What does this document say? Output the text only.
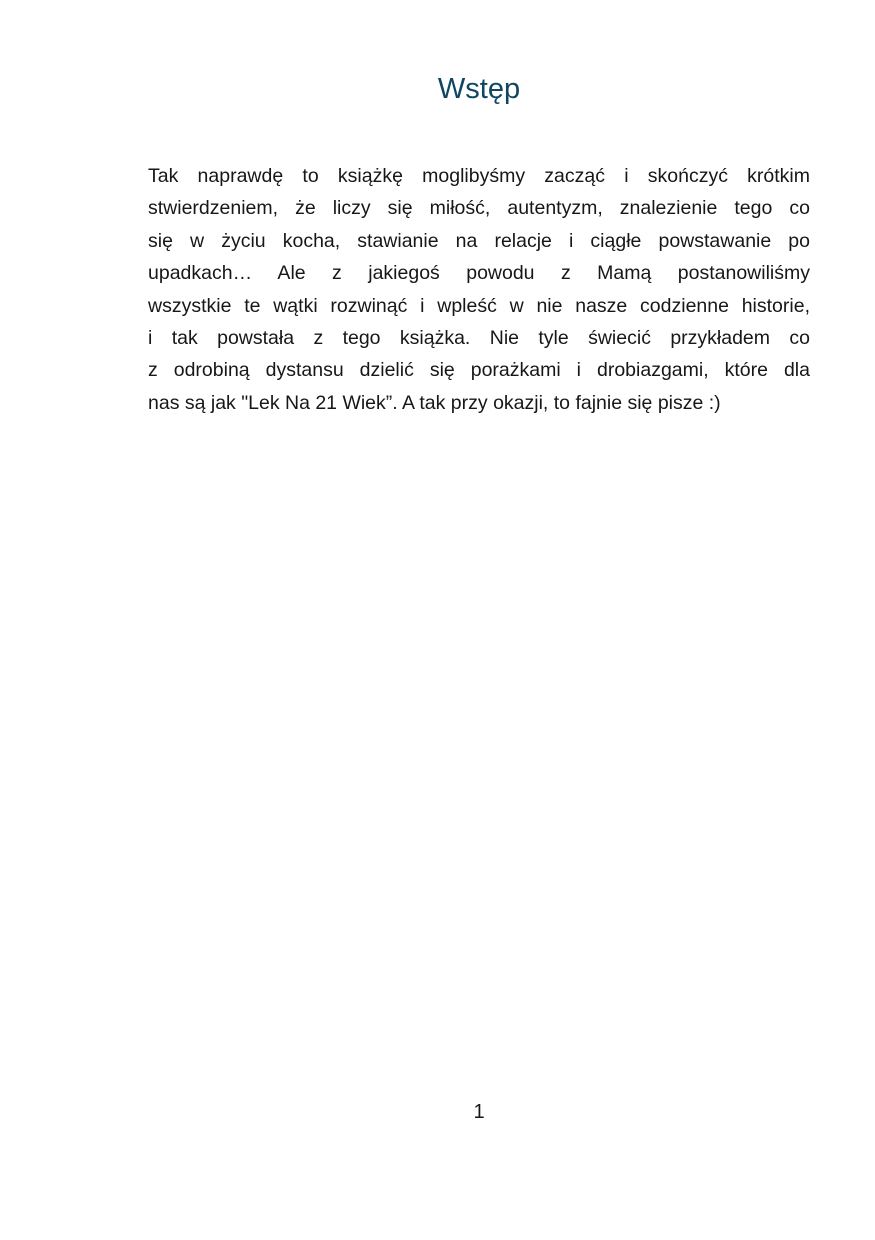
Wstęp
Tak naprawdę to książkę moglibyśmy zacząć i skończyć krótkim
stwierdzeniem, że liczy się miłość, autentyzm, znalezienie tego co
się w życiu kocha, stawianie na relacje i ciągłe powstawanie po
upadkach… Ale z jakiegoś powodu z Mamą postanowiliśmy
wszystkie te wątki rozwinąć i wpleść w nie nasze codzienne historie,
i tak powstała z tego książka. Nie tyle świecić przykładem co
z odrobiną dystansu dzielić się porażkami i drobiazgami, które dla
nas są jak "Lek Na 21 Wiek”. A tak przy okazji, to fajnie się pisze :)
1
